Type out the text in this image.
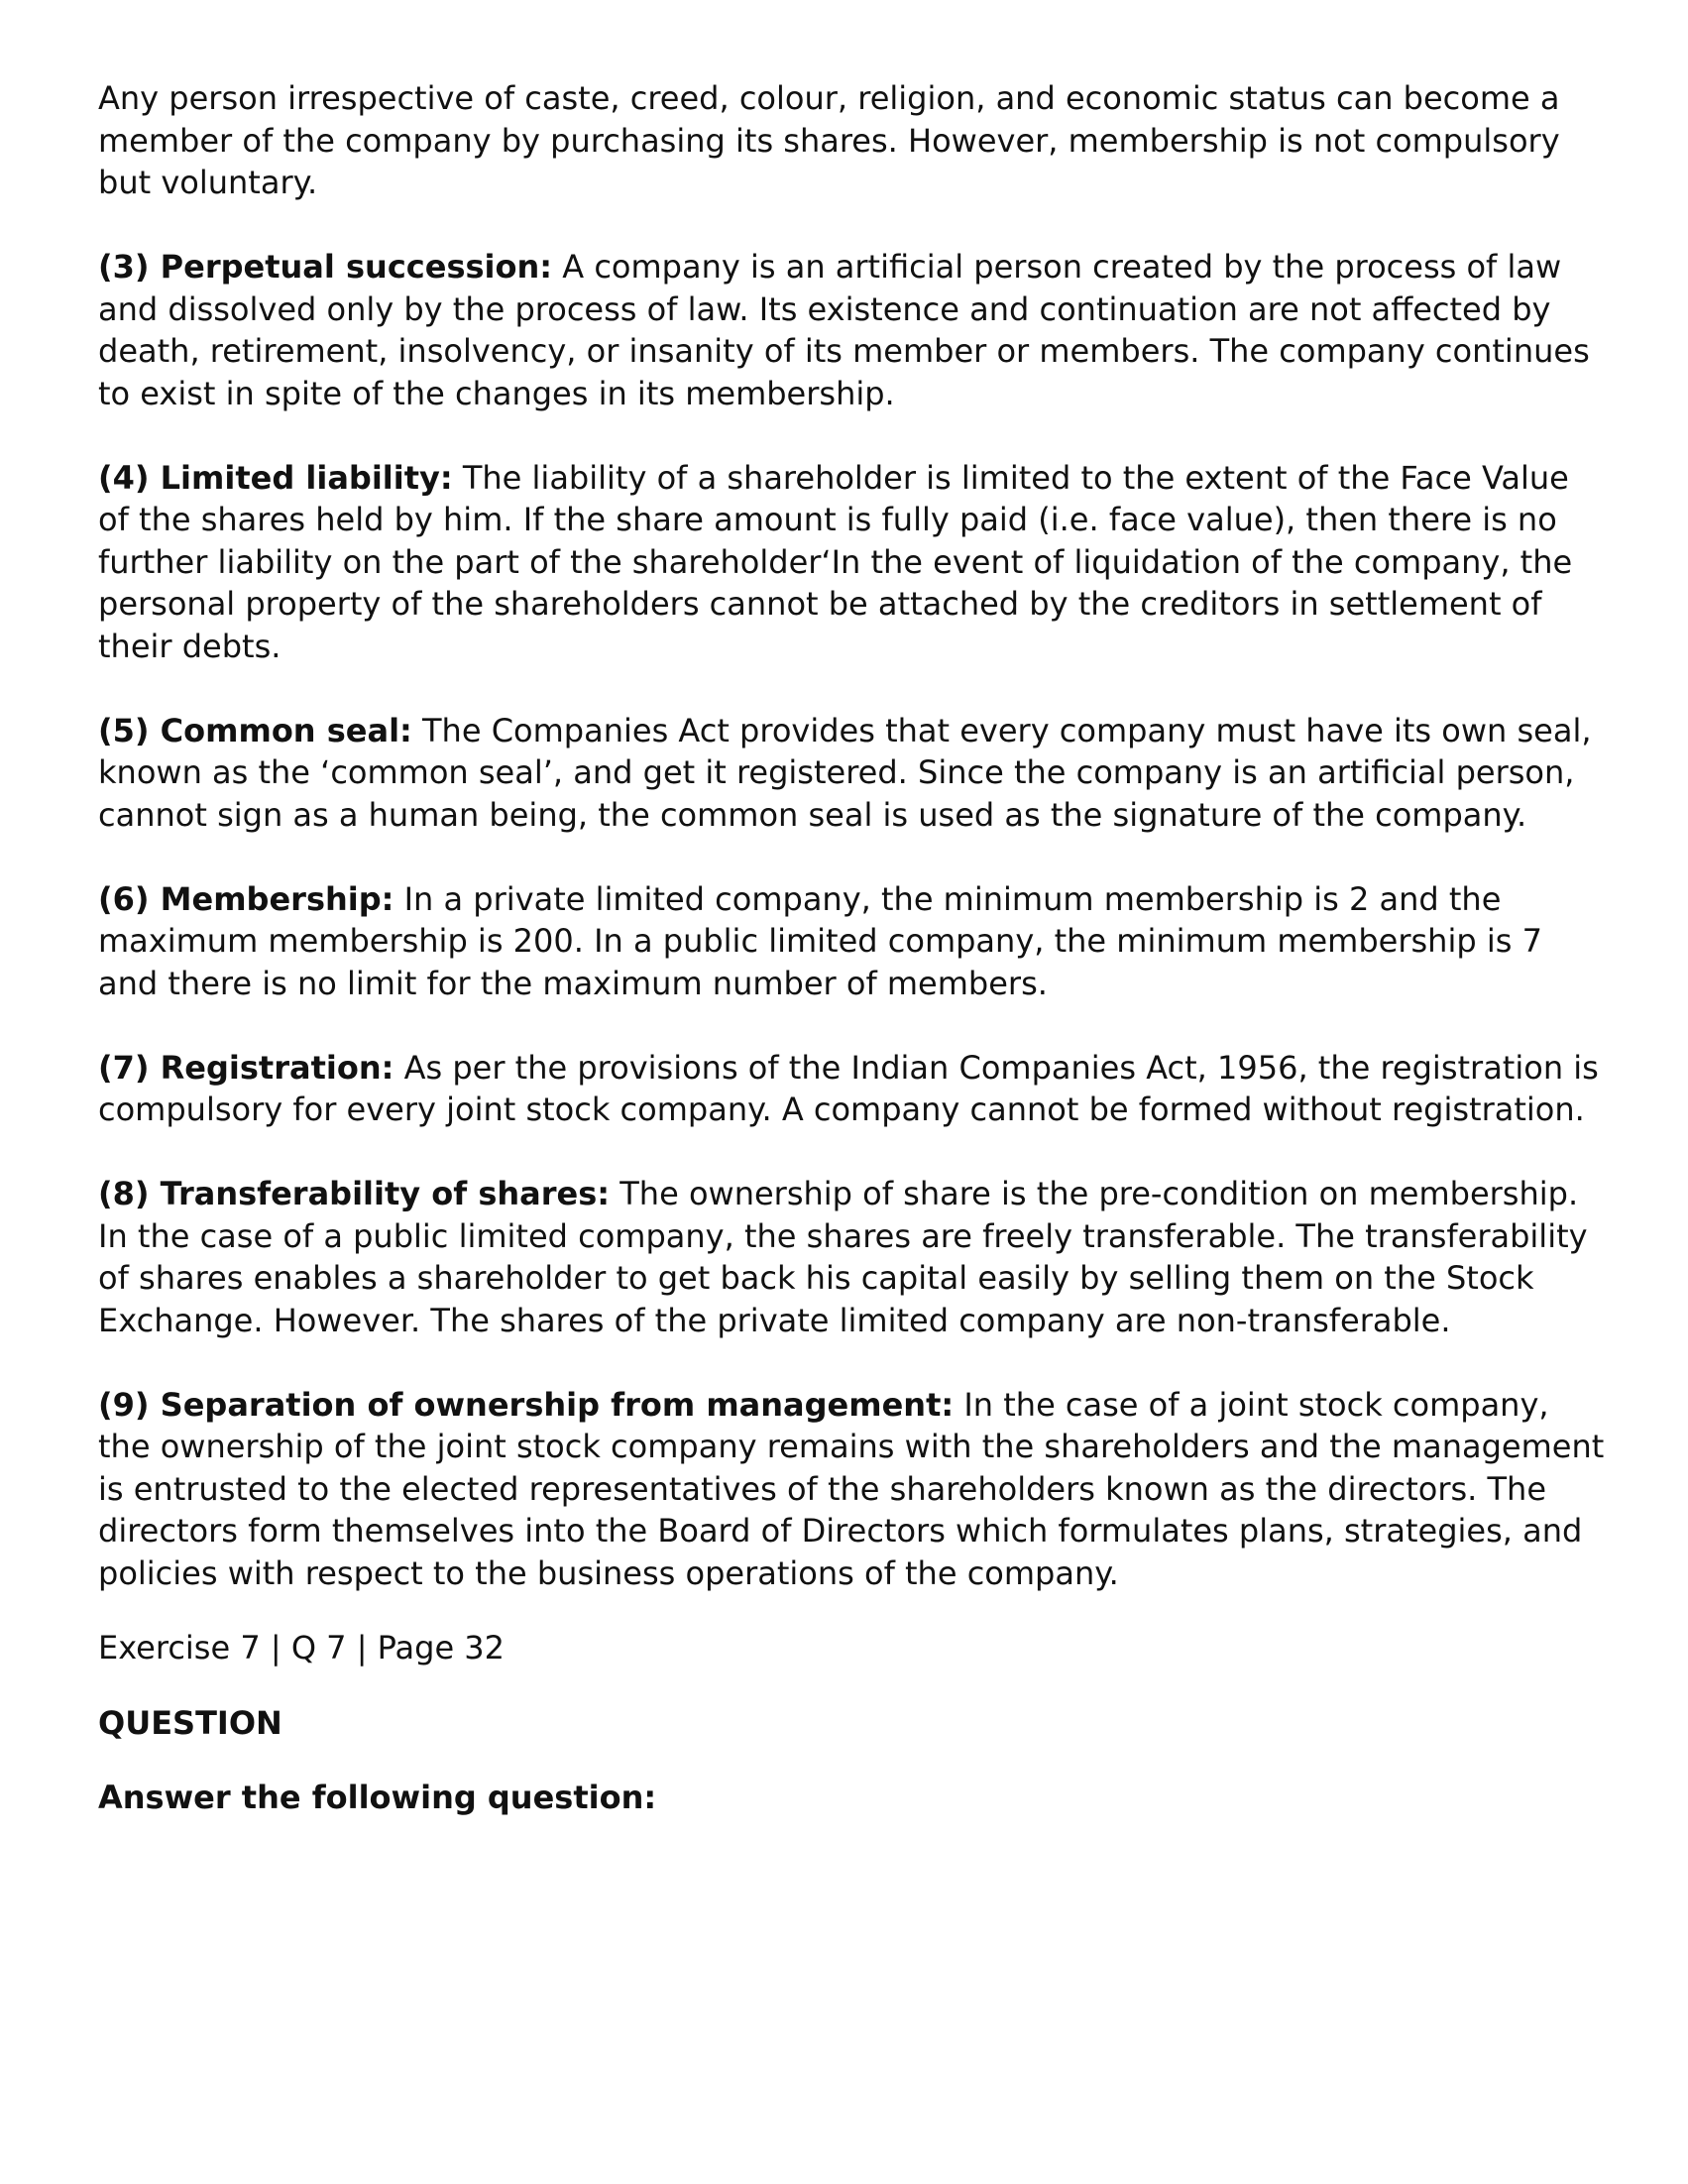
Any person irrespective of caste, creed, colour, religion, and economic status can become a member of the company by purchasing its shares. However, membership is not compulsory but voluntary.

(3) Perpetual succession: A company is an artificial person created by the process of law and dissolved only by the process of law. Its existence and continuation are not affected by death, retirement, insolvency, or insanity of its member or members. The company continues to exist in spite of the changes in its membership.

(4) Limited liability: The liability of a shareholder is limited to the extent of the Face Value of the shares held by him. If the share amount is fully paid (i.e. face value), then there is no further liability on the part of the shareholder‘In the event of liquidation of the company, the personal property of the shareholders cannot be attached by the creditors in settlement of their debts.

(5) Common seal: The Companies Act provides that every company must have its own seal, known as the ‘common seal’, and get it registered. Since the company is an artificial person, cannot sign as a human being, the common seal is used as the signature of the company.

(6) Membership: In a private limited company, the minimum membership is 2 and the maximum membership is 200. In a public limited company, the minimum membership is 7 and there is no limit for the maximum number of members.

(7) Registration: As per the provisions of the Indian Companies Act, 1956, the registration is compulsory for every joint stock company. A company cannot be formed without registration.

(8) Transferability of shares: The ownership of share is the pre-condition on membership. In the case of a public limited company, the shares are freely transferable. The transferability of shares enables a shareholder to get back his capital easily by selling them on the Stock Exchange. However. The shares of the private limited company are non-transferable.

(9) Separation of ownership from management: In the case of a joint stock company, the ownership of the joint stock company remains with the shareholders and the management is entrusted to the elected representatives of the shareholders known as the directors. The directors form themselves into the Board of Directors which formulates plans, strategies, and policies with respect to the business operations of the company.

Exercise 7 | Q 7 | Page 32

QUESTION

Answer the following question:
